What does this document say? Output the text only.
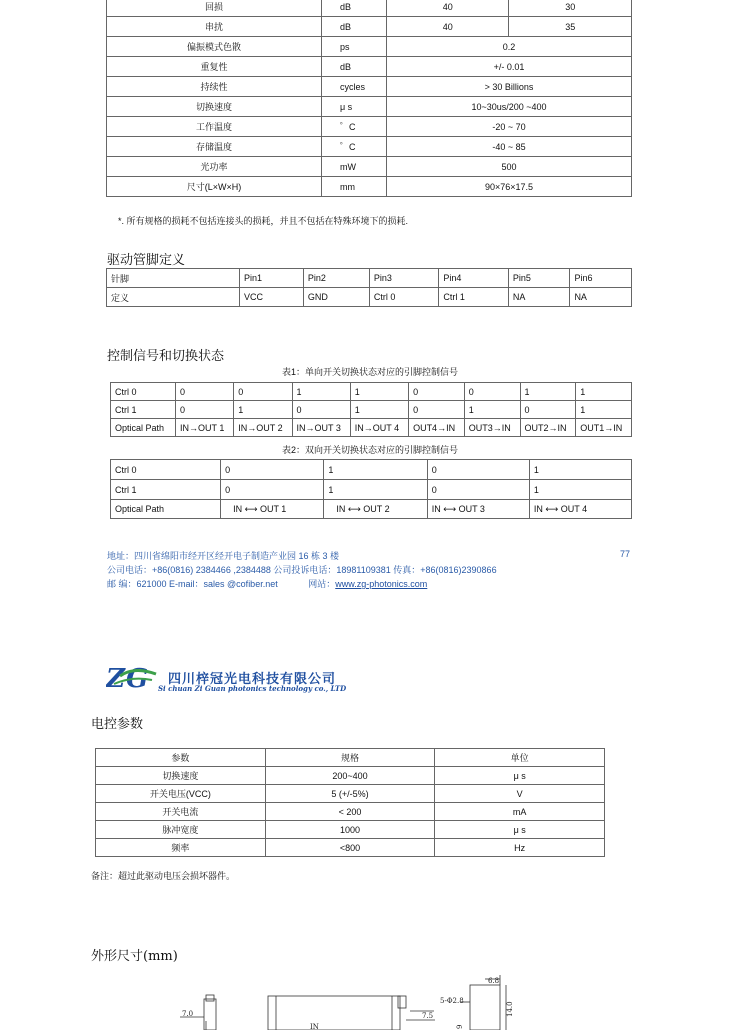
回损	dB	40	30
串扰	dB	40	35
偏振模式色散	ps	0.2	
重复性	dB	+/- 0.01	
持续性	cycles	> 30 Billions	
切换速度	μ s	10~30us/200 ~400	
工作温度	゜C	-20 ~ 70	
存储温度	゜C	-40 ~ 85	
光功率	mW	500	
尺寸(L×W×H)	mm	90×76×17.5	
*. 所有规格的损耗不包括连接头的损耗，并且不包括在特殊环境下的损耗.
驱动管脚定义
针脚	Pin1	Pin2	Pin3	Pin4	Pin5	Pin6
定义	VCC	GND	Ctrl 0	Ctrl 1	NA	NA
控制信号和切换状态
表1：单向开关切换状态对应的引脚控制信号
Ctrl 0	0	0	1	1	0	0	1	1
Ctrl 1	0	1	0	1	0	1	0	1
Optical Path	IN→OUT 1	IN→OUT 2	IN→OUT 3	IN→OUT 4	OUT4→IN	OUT3→IN	OUT2→IN	OUT1→IN
表2：双向开关切换状态对应的引脚控制信号
Ctrl 0	0	1	0	1
Ctrl 1	0	1	0	1
Optical Path	IN ⟷ OUT 1	IN ⟷ OUT 2	IN ⟷ OUT 3	IN ⟷ OUT 4
地址：四川省绵阳市经开区经开电子制造产业园 16 栋 3 楼	77
公司电话：+86(0816) 2384466 ,2384488 公司投诉电话：18981109381 传真：+86(0816)2390866
邮 编：621000 E-mail：sales @cofiber.net	网站：www.zg-photonics.com
Z G 四川梓冠光电科技有限公司
Si chuan Zi Guan photonics technology co., LTD
电控参数
参数	规格	单位
切换速度	200~400	μ s
开关电压(VCC)	5 (+/-5%)	V
开关电流	< 200	mA
脉冲宽度	1000	μ s
频率	<800	Hz
备注：超过此驱动电压会损坏器件。
外形尺寸(mm)
7.0	7.5
6.8
5-Φ2.8
14.0
IN	9
